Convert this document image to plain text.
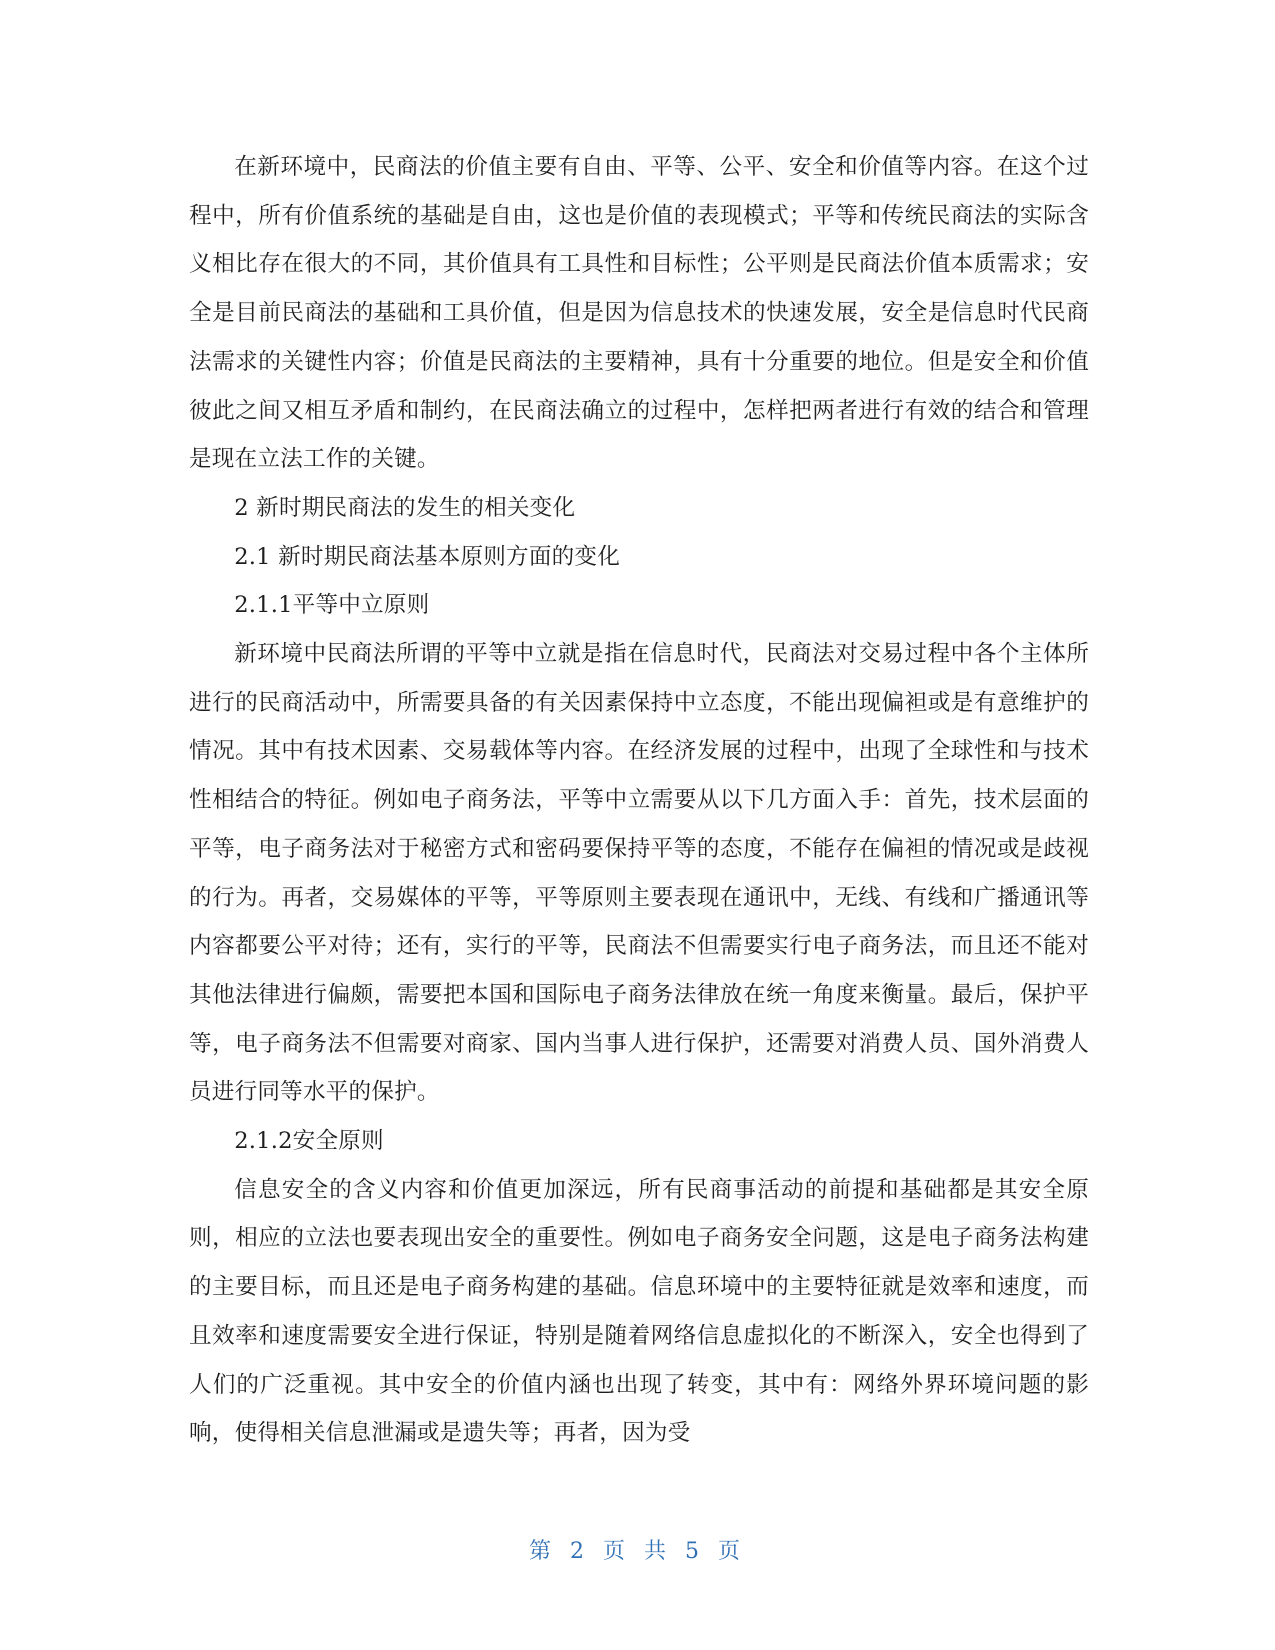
在新环境中，民商法的价值主要有自由、平等、公平、安全和价值等内容。在这个过程中，所有价值系统的基础是自由，这也是价值的表现模式；平等和传统民商法的实际含义相比存在很大的不同，其价值具有工具性和目标性；公平则是民商法价值本质需求；安全是目前民商法的基础和工具价值，但是因为信息技术的快速发展，安全是信息时代民商法需求的关键性内容；价值是民商法的主要精神，具有十分重要的地位。但是安全和价值彼此之间又相互矛盾和制约，在民商法确立的过程中，怎样把两者进行有效的结合和管理是现在立法工作的关键。

2 新时期民商法的发生的相关变化

2.1 新时期民商法基本原则方面的变化

2.1.1平等中立原则

新环境中民商法所谓的平等中立就是指在信息时代，民商法对交易过程中各个主体所进行的民商活动中，所需要具备的有关因素保持中立态度，不能出现偏袒或是有意维护的情况。其中有技术因素、交易载体等内容。在经济发展的过程中，出现了全球性和与技术性相结合的特征。例如电子商务法，平等中立需要从以下几方面入手：首先，技术层面的平等，电子商务法对于秘密方式和密码要保持平等的态度，不能存在偏袒的情况或是歧视的行为。再者，交易媒体的平等，平等原则主要表现在通讯中，无线、有线和广播通讯等内容都要公平对待；还有，实行的平等，民商法不但需要实行电子商务法，而且还不能对其他法律进行偏颇，需要把本国和国际电子商务法律放在统一角度来衡量。最后，保护平等，电子商务法不但需要对商家、国内当事人进行保护，还需要对消费人员、国外消费人员进行同等水平的保护。

2.1.2安全原则

信息安全的含义内容和价值更加深远，所有民商事活动的前提和基础都是其安全原则，相应的立法也要表现出安全的重要性。例如电子商务安全问题，这是电子商务法构建的主要目标，而且还是电子商务构建的基础。信息环境中的主要特征就是效率和速度，而且效率和速度需要安全进行保证，特别是随着网络信息虚拟化的不断深入，安全也得到了人们的广泛重视。其中安全的价值内涵也出现了转变，其中有：网络外界环境问题的影响，使得相关信息泄漏或是遗失等；再者，因为受

第 2 页 共 5 页
